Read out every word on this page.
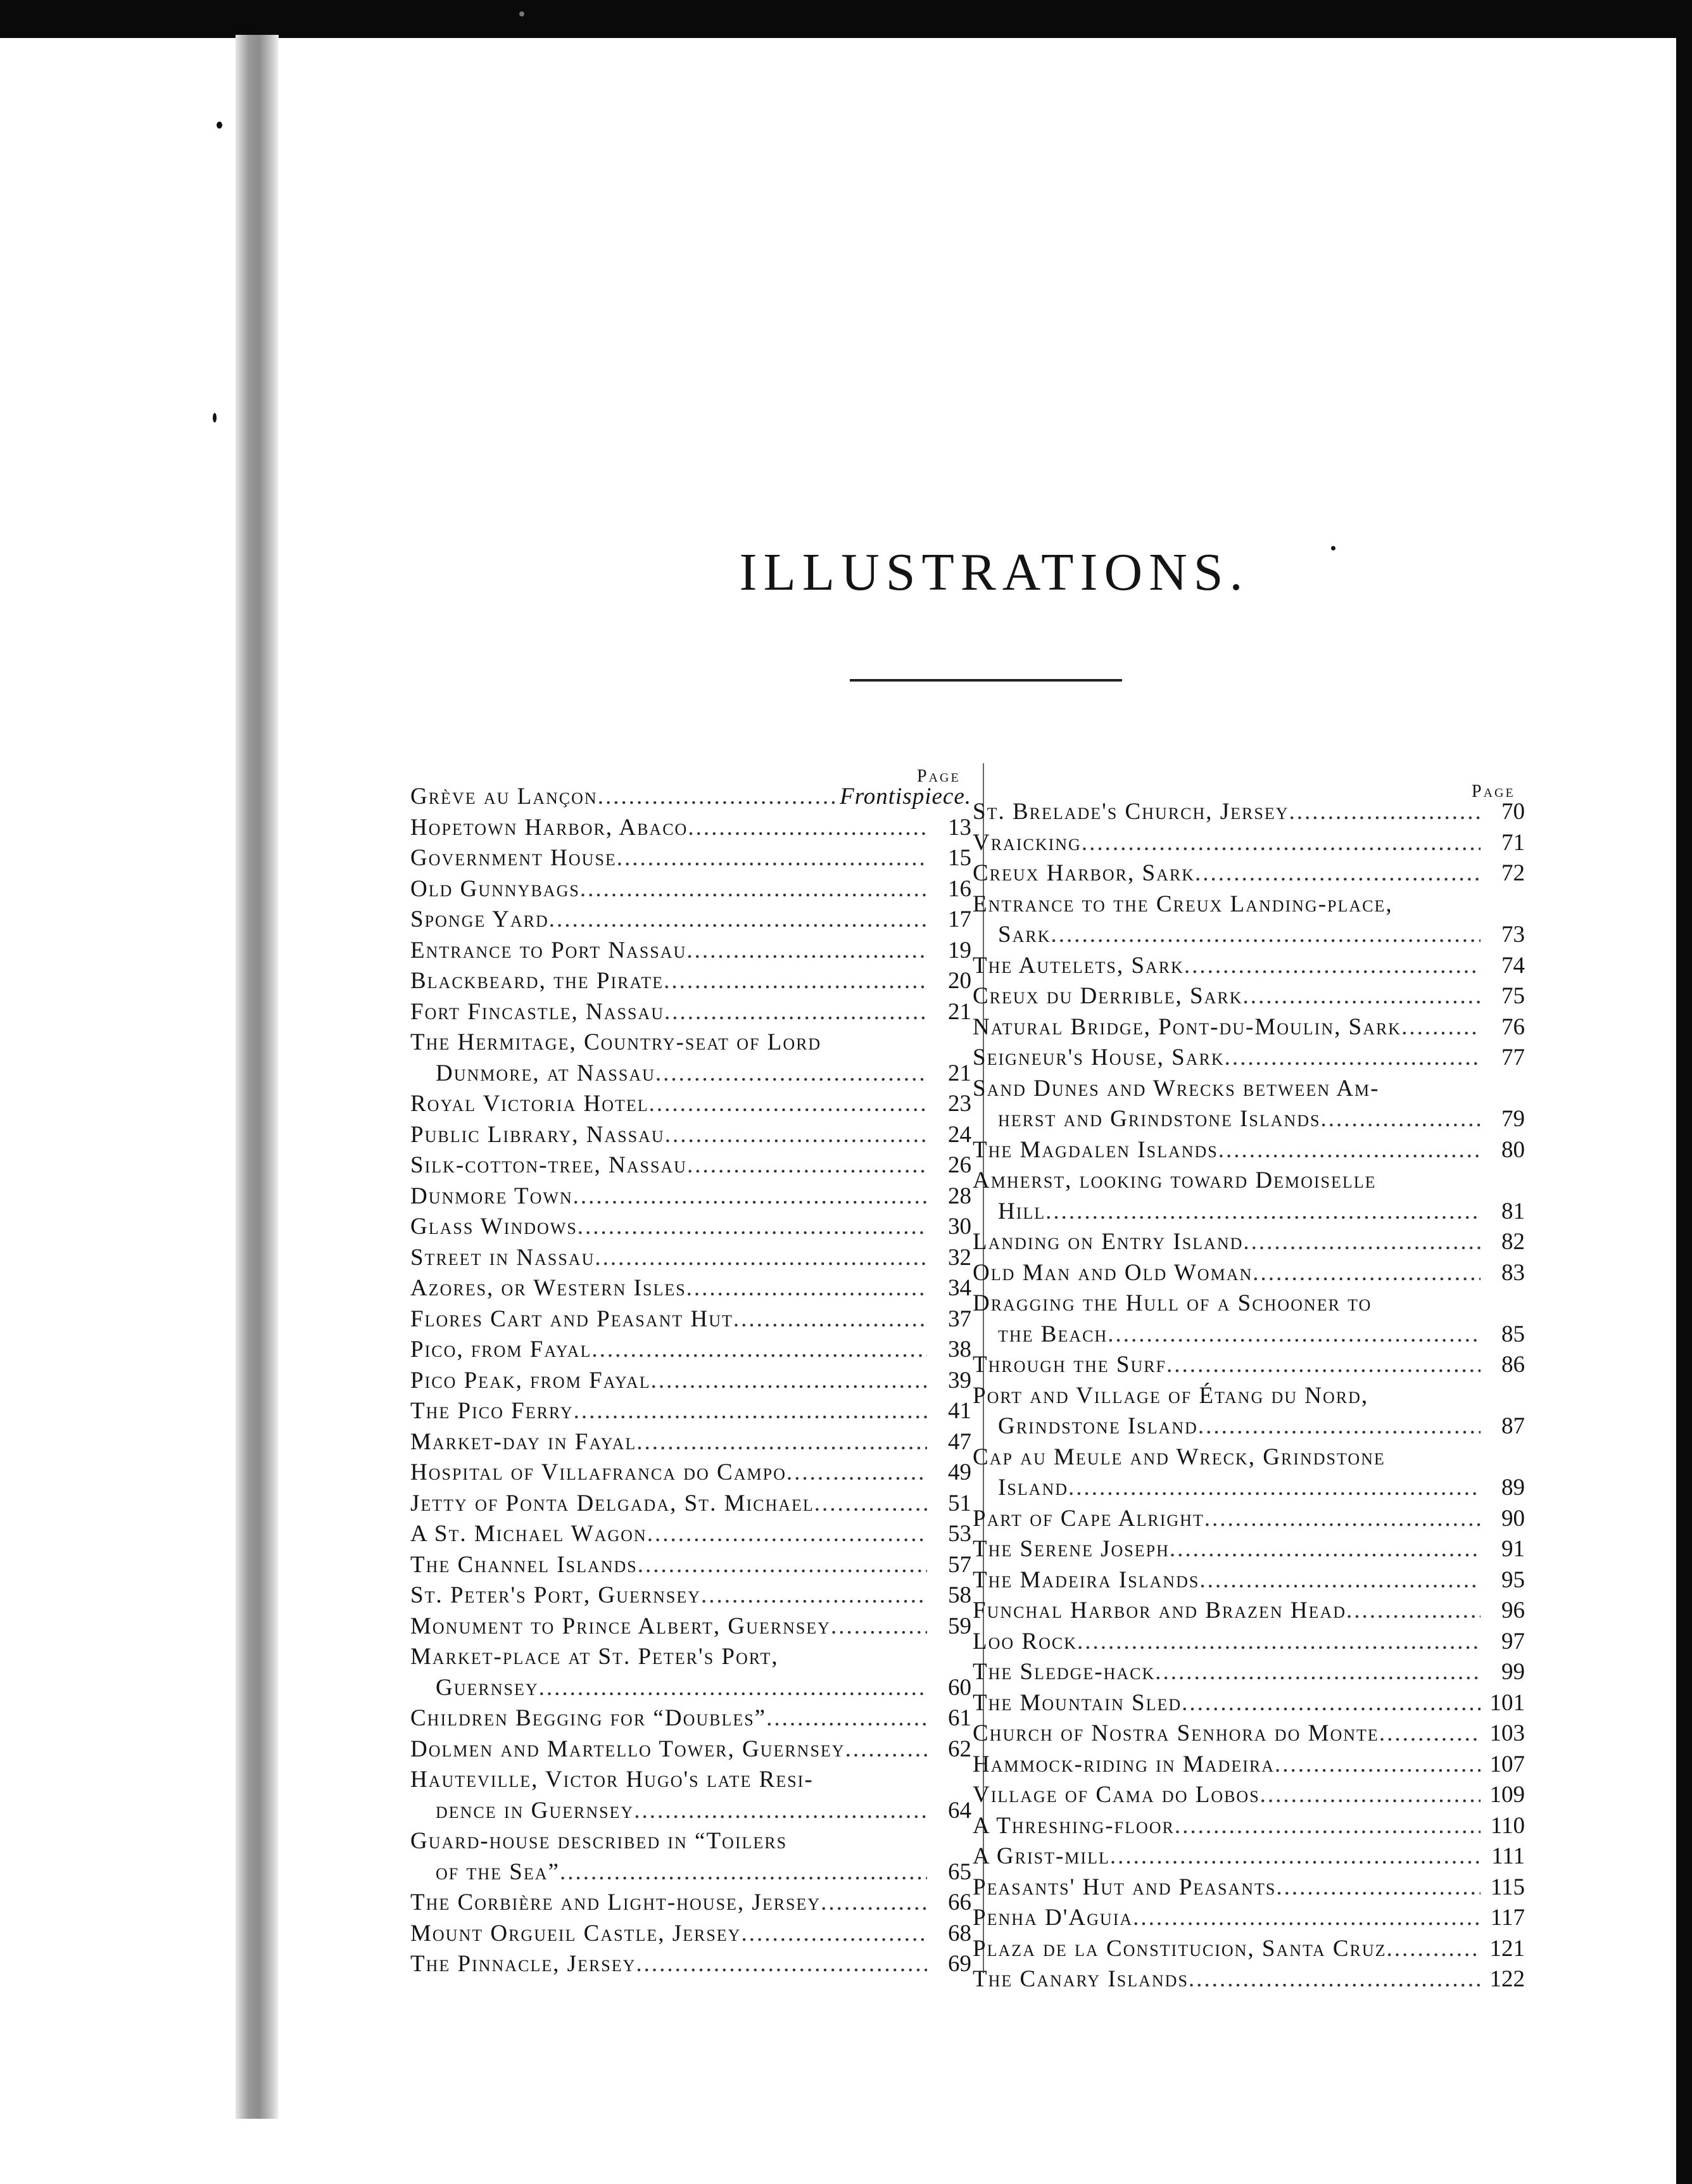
ILLUSTRATIONS.
Page
Page
Grève au Lançon .....	Frontispiece.
Hopetown Harbor, Abaco .....	13
Government House .....	15
Old Gunnybags .....	16
Sponge Yard .....	17
Entrance to Port Nassau .....	19
Blackbeard, the Pirate .....	20
Fort Fincastle, Nassau .....	21
The Hermitage, Country-seat of Lord
Dunmore, at Nassau .....	21
Royal Victoria Hotel .....	23
Public Library, Nassau .....	24
Silk-cotton-tree, Nassau .....	26
Dunmore Town .....	28
Glass Windows .....	30
Street in Nassau .....	32
Azores, or Western Isles .....	34
Flores Cart and Peasant Hut .....	37
Pico, from Fayal .....	38
Pico Peak, from Fayal .....	39
The Pico Ferry .....	41
Market-day in Fayal .....	47
Hospital of Villafranca do Campo .....	49
Jetty of Ponta Delgada, St. Michael .....	51
A St. Michael Wagon .....	53
The Channel Islands .....	57
St. Peter's Port, Guernsey .....	58
Monument to Prince Albert, Guernsey .....	59
Market-place at St. Peter's Port,
Guernsey .....	60
Children Begging for “Doubles” .....	61
Dolmen and Martello Tower, Guernsey .....	62
Hauteville, Victor Hugo's late Resi-
dence in Guernsey .....	64
Guard-house described in “Toilers
of the Sea” .....	65
The Corbière and Light-house, Jersey .....	66
Mount Orgueil Castle, Jersey .....	68
The Pinnacle, Jersey .....	69
St. Brelade's Church, Jersey .....	70
Vraicking .....	71
Creux Harbor, Sark .....	72
Entrance to the Creux Landing-place,
Sark .....	73
The Autelets, Sark .....	74
Creux du Derrible, Sark .....	75
Natural Bridge, Pont-du-Moulin, Sark .....	76
Seigneur's House, Sark .....	77
Sand Dunes and Wrecks between Am-
herst and Grindstone Islands .....	79
The Magdalen Islands .....	80
Amherst, looking toward Demoiselle
Hill .....	81
Landing on Entry Island .....	82
Old Man and Old Woman .....	83
Dragging the Hull of a Schooner to
the Beach .....	85
Through the Surf .....	86
Port and Village of Étang du Nord,
Grindstone Island .....	87
Cap au Meule and Wreck, Grindstone
Island .....	89
Part of Cape Alright .....	90
The Serene Joseph .....	91
The Madeira Islands .....	95
Funchal Harbor and Brazen Head .....	96
Loo Rock .....	97
The Sledge-hack .....	99
The Mountain Sled .....	101
Church of Nostra Senhora do Monte .....	103
Hammock-riding in Madeira .....	107
Village of Cama do Lobos .....	109
A Threshing-floor .....	110
A Grist-mill .....	111
Peasants' Hut and Peasants .....	115
Penha D'Aguia .....	117
Plaza de la Constitucion, Santa Cruz .....	121
The Canary Islands .....	122
